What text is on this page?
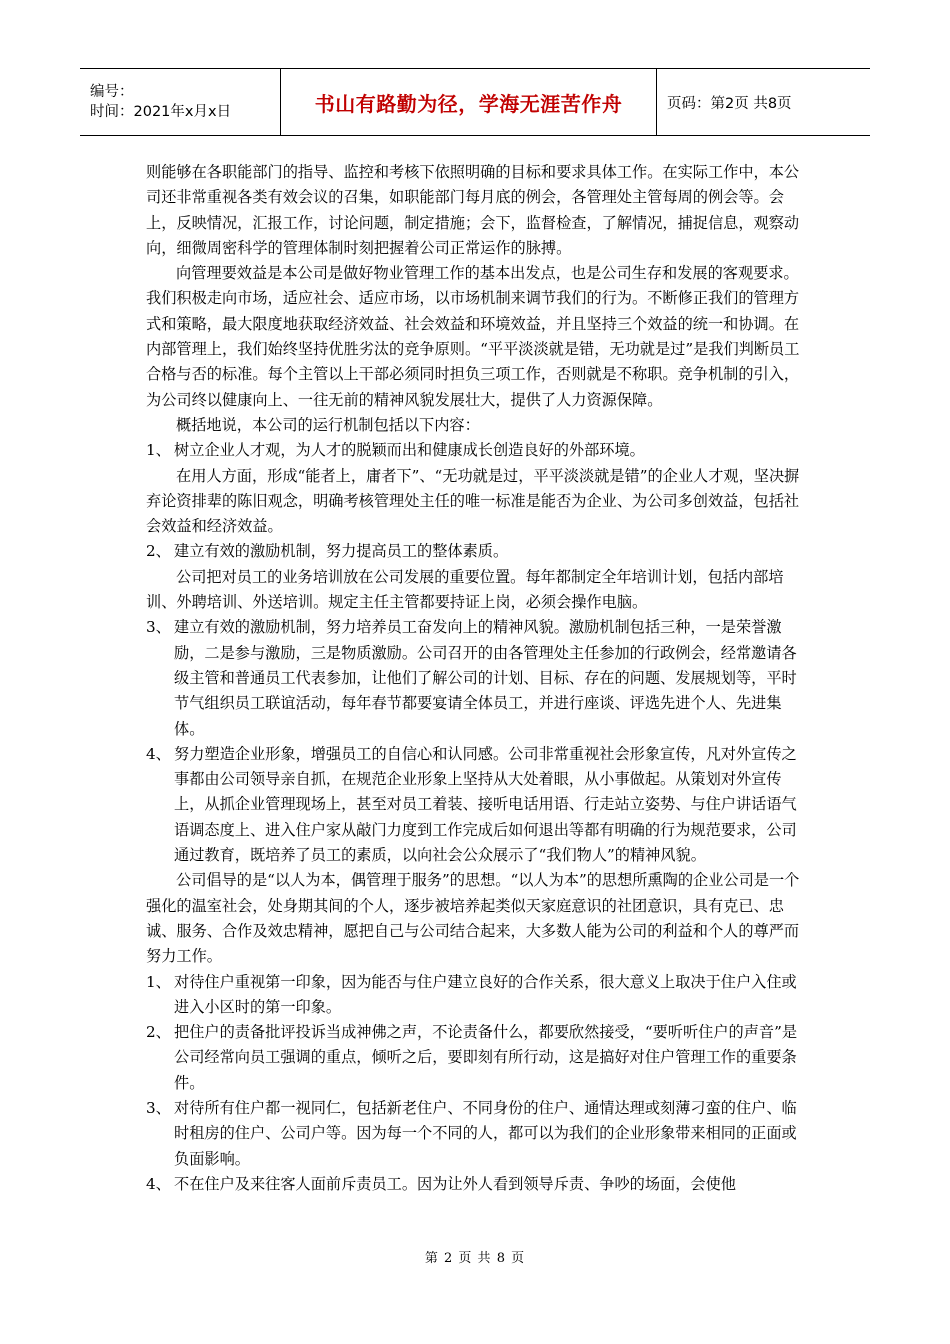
编号：
时间：2021年x月x日	书山有路勤为径，学海无涯苦作舟	页码：第2页 共8页

则能够在各职能部门的指导、监控和考核下依照明确的目标和要求具体工作。在实际工作中，本公司还非常重视各类有效会议的召集，如职能部门每月底的例会，各管理处主管每周的例会等。会上，反映情况，汇报工作，讨论问题，制定措施；会下，监督检查，了解情况，捕捉信息，观察动向，细微周密科学的管理体制时刻把握着公司正常运作的脉搏。

向管理要效益是本公司是做好物业管理工作的基本出发点，也是公司生存和发展的客观要求。我们积极走向市场，适应社会、适应市场，以市场机制来调节我们的行为。不断修正我们的管理方式和策略，最大限度地获取经济效益、社会效益和环境效益，并且坚持三个效益的统一和协调。在内部管理上，我们始终坚持优胜劣汰的竞争原则。“平平淡淡就是错，无功就是过”是我们判断员工合格与否的标准。每个主管以上干部必须同时担负三项工作，否则就是不称职。竞争机制的引入，为公司终以健康向上、一往无前的精神风貌发展壮大，提供了人力资源保障。

概括地说，本公司的运行机制包括以下内容：

1、 树立企业人才观，为人才的脱颖而出和健康成长创造良好的外部环境。

在用人方面，形成“能者上，庸者下”、“无功就是过，平平淡淡就是错”的企业人才观，坚决摒弃论资排辈的陈旧观念，明确考核管理处主任的唯一标准是能否为企业、为公司多创效益，包括社会效益和经济效益。

2、 建立有效的激励机制，努力提高员工的整体素质。

公司把对员工的业务培训放在公司发展的重要位置。每年都制定全年培训计划，包括内部培训、外聘培训、外送培训。规定主任主管都要持证上岗，必须会操作电脑。

3、 建立有效的激励机制，努力培养员工奋发向上的精神风貌。激励机制包括三种，一是荣誉激励，二是参与激励，三是物质激励。公司召开的由各管理处主任参加的行政例会，经常邀请各级主管和普通员工代表参加，让他们了解公司的计划、目标、存在的问题、发展规划等，平时节气组织员工联谊活动，每年春节都要宴请全体员工，并进行座谈、评选先进个人、先进集体。

4、 努力塑造企业形象，增强员工的自信心和认同感。公司非常重视社会形象宣传，凡对外宣传之事都由公司领导亲自抓，在规范企业形象上坚持从大处着眼，从小事做起。从策划对外宣传上，从抓企业管理现场上，甚至对员工着装、接听电话用语、行走站立姿势、与住户讲话语气语调态度上、进入住户家从敲门力度到工作完成后如何退出等都有明确的行为规范要求，公司通过教育，既培养了员工的素质，以向社会公众展示了“我们物人”的精神风貌。

公司倡导的是“以人为本，偶管理于服务”的思想。“以人为本”的思想所熏陶的企业公司是一个强化的温室社会，处身期其间的个人，逐步被培养起类似天家庭意识的社团意识，具有克已、忠诚、服务、合作及效忠精神，愿把自己与公司结合起来，大多数人能为公司的利益和个人的尊严而努力工作。

1、 对待住户重视第一印象，因为能否与住户建立良好的合作关系，很大意义上取决于住户入住或进入小区时的第一印象。

2、 把住户的责备批评投诉当成神佛之声，不论责备什么，都要欣然接受，“要听听住户的声音”是公司经常向员工强调的重点，倾听之后，要即刻有所行动，这是搞好对住户管理工作的重要条件。

3、 对待所有住户都一视同仁，包括新老住户、不同身份的住户、通情达理或刻薄刁蛮的住户、临时租房的住户、公司户等。因为每一个不同的人，都可以为我们的企业形象带来相同的正面或负面影响。

4、 不在住户及来往客人面前斥责员工。因为让外人看到领导斥责、争吵的场面，会使他

第 2 页 共 8 页
